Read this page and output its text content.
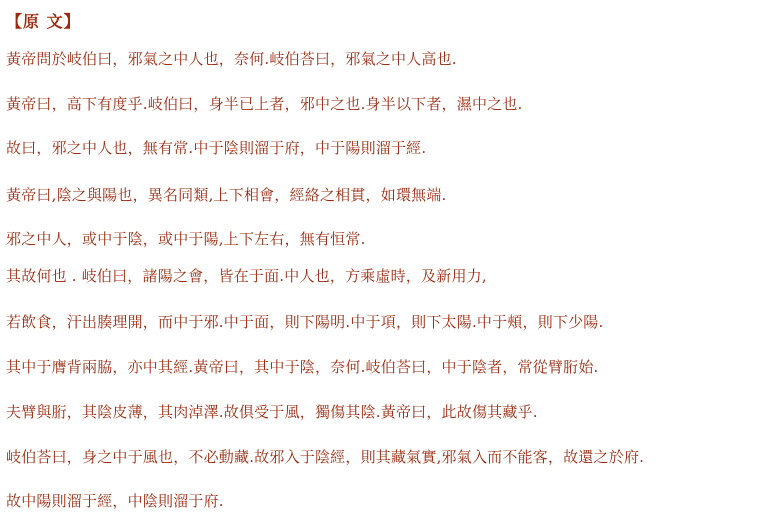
【原 文】
黃帝問於岐伯曰，邪氣之中人也，奈何.岐伯荅曰，邪氣之中人高也.
黃帝曰，高下有度乎.岐伯曰，身半已上者，邪中之也.身半以下者，濕中之也.
故曰，邪之中人也，無有常.中于陰則溜于府，中于陽則溜于經.
黃帝曰,陰之與陽也，異名同類,上下相會，經絡之相貫，如環無端.
邪之中人，或中于陰，或中于陽,上下左右，無有恒常.
其故何也 . 岐伯曰，諸陽之會，皆在于面.中人也，方乘虛時，及新用力,
若飲食，汗出腠理開，而中于邪.中于面，則下陽明.中于項，則下太陽.中于頰，則下少陽.
其中于膺背兩脇，亦中其經.黃帝曰，其中于陰，奈何.岐伯荅曰，中于陰者，常從臂胻始.
夫臂與胻，其陰皮薄，其肉淖澤.故俱受于風，獨傷其陰.黃帝曰，此故傷其藏乎.
岐伯荅曰，身之中于風也，不必動藏.故邪入于陰經，則其藏氣實,邪氣入而不能客，故還之於府.
故中陽則溜于經，中陰則溜于府.
